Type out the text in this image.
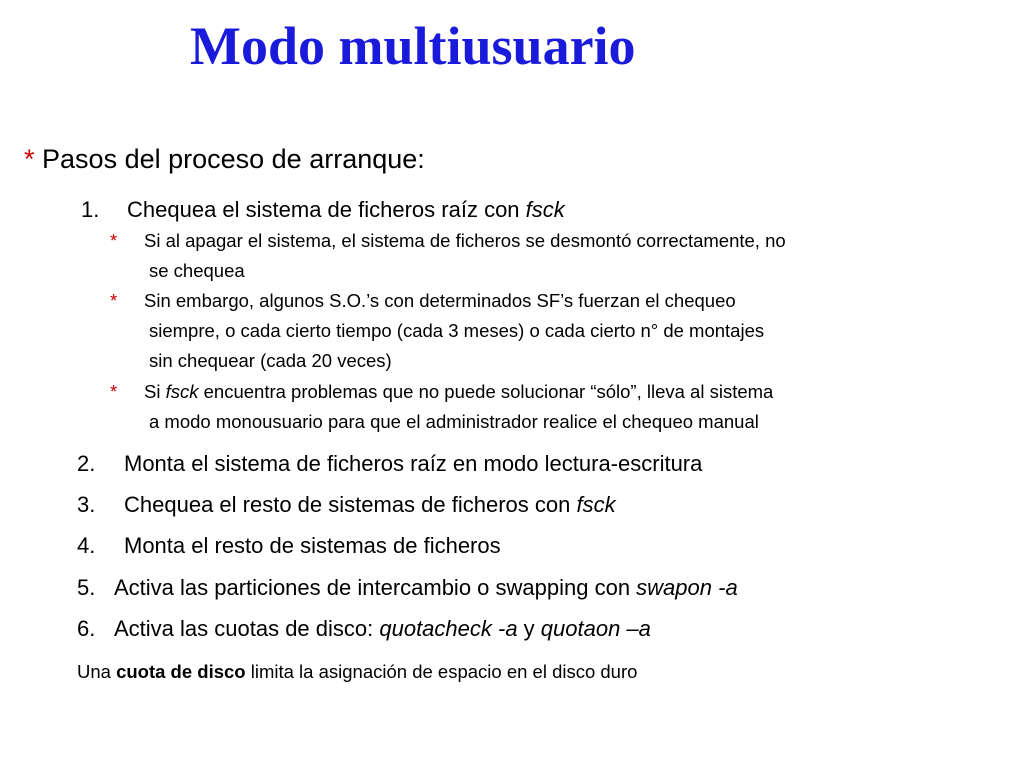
Modo multiusuario
* Pasos del proceso de arranque:
1. Chequea el sistema de ficheros raíz con fsck
* Si al apagar el sistema, el sistema de ficheros se desmontó correctamente, no
se chequea
* Sin embargo, algunos S.O.’s con determinados SF’s fuerzan el chequeo
siempre, o cada cierto tiempo (cada 3 meses) o cada cierto n° de montajes
sin chequear (cada 20 veces)
* Si fsck encuentra problemas que no puede solucionar “sólo”, lleva al sistema
a modo monousuario para que el administrador realice el chequeo manual
2. Monta el sistema de ficheros raíz en modo lectura-escritura
3. Chequea el resto de sistemas de ficheros con fsck
4. Monta el resto de sistemas de ficheros
5. Activa las particiones de intercambio o swapping con swapon -a
6. Activa las cuotas de disco: quotacheck -a y quotaon –a
Una cuota de disco limita la asignación de espacio en el disco duro
